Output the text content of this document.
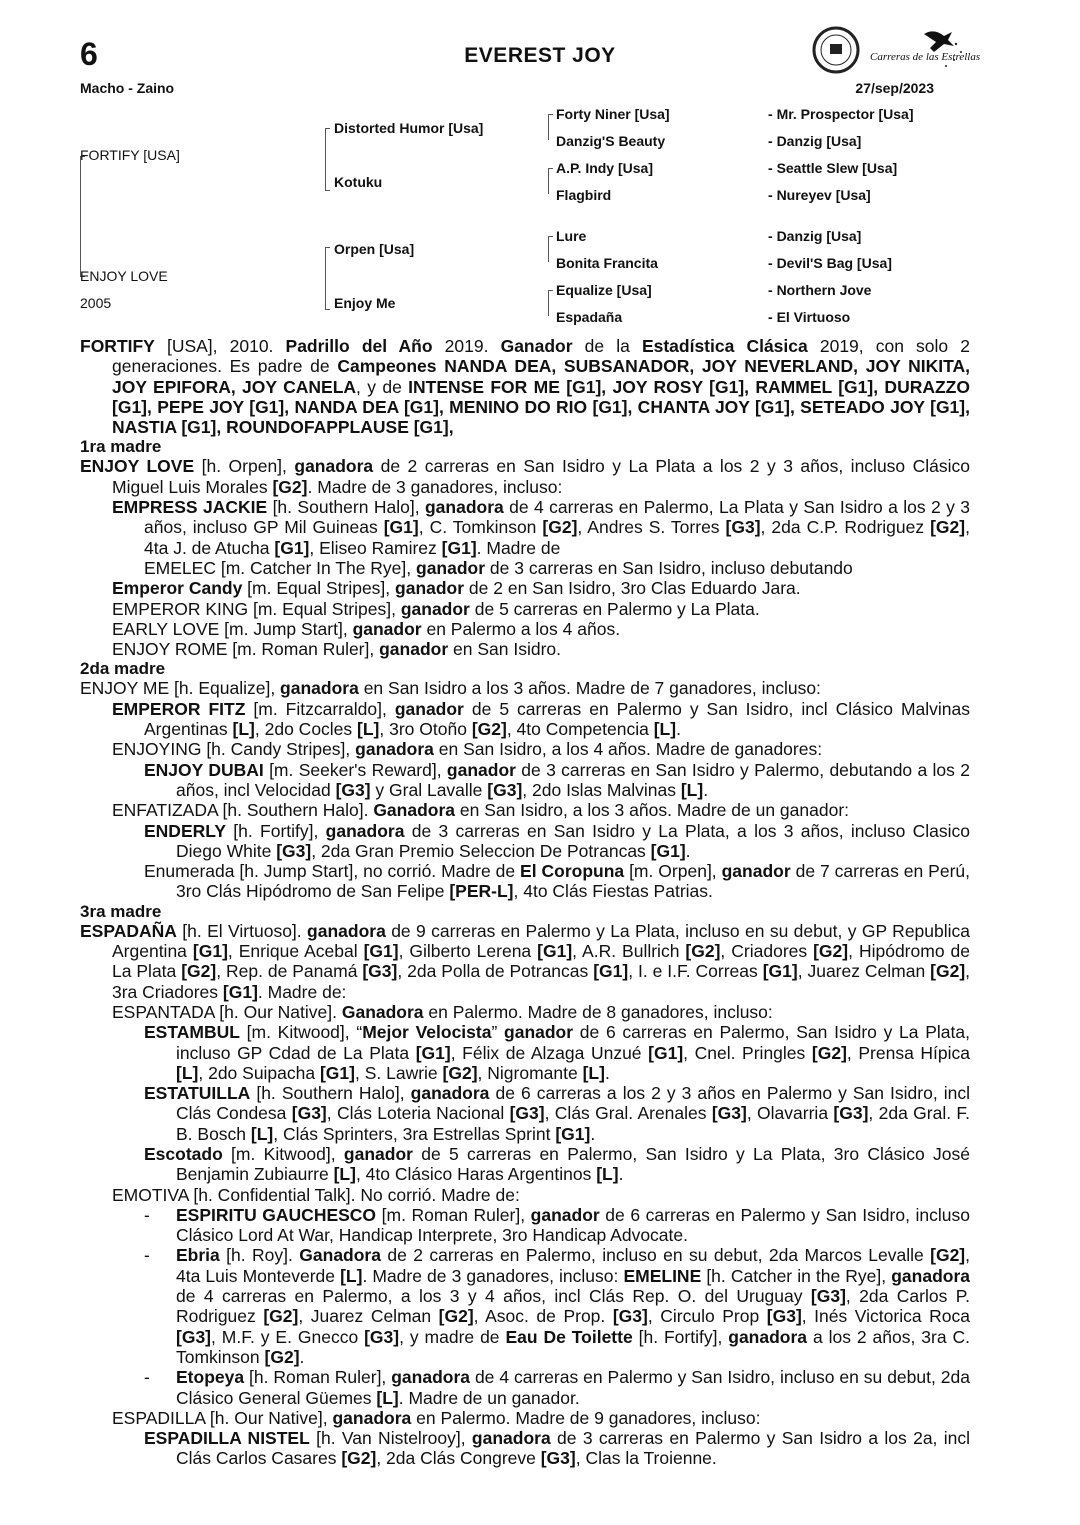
6	EVEREST JOY
Macho - Zaino	27/sep/2023
Carreras de las Estrellas
FORTIFY [USA]
ENJOY LOVE
2005
Distorted Humor [Usa]
Kotuku
Orpen [Usa]
Enjoy Me
Forty Niner [Usa]
Danzig'S Beauty
A.P. Indy [Usa]
Flagbird
Lure
Bonita Francita
Equalize [Usa]
Espadaña
- Mr. Prospector [Usa]
- Danzig [Usa]
- Seattle Slew [Usa]
- Nureyev [Usa]
- Danzig [Usa]
- Devil'S Bag [Usa]
- Northern Jove
- El Virtuoso

FORTIFY [USA], 2010. Padrillo del Año 2019. Ganador de la Estadística Clásica 2019, con solo 2 generaciones. Es padre de Campeones NANDA DEA, SUBSANADOR, JOY NEVERLAND, JOY NIKITA, JOY EPIFORA, JOY CANELA, y de INTENSE FOR ME [G1], JOY ROSY [G1], RAMMEL [G1], DURAZZO [G1], PEPE JOY [G1], NANDA DEA [G1], MENINO DO RIO [G1], CHANTA JOY [G1], SETEADO JOY [G1], NASTIA [G1], ROUNDOFAPPLAUSE [G1],

1ra madre

ENJOY LOVE [h. Orpen], ganadora de 2 carreras en San Isidro y La Plata a los 2 y 3 años, incluso Clásico Miguel Luis Morales [G2]. Madre de 3 ganadores, incluso:

EMPRESS JACKIE [h. Southern Halo], ganadora de 4 carreras en Palermo, La Plata y San Isidro a los 2 y 3 años, incluso GP Mil Guineas [G1], C. Tomkinson [G2], Andres S. Torres [G3], 2da C.P. Rodriguez [G2], 4ta J. de Atucha [G1], Eliseo Ramirez [G1]. Madre de

EMELEC [m. Catcher In The Rye], ganador de 3 carreras en San Isidro, incluso debutando

Emperor Candy [m. Equal Stripes], ganador de 2 en San Isidro, 3ro Clas Eduardo Jara.

EMPEROR KING [m. Equal Stripes], ganador de 5 carreras en Palermo y La Plata.

EARLY LOVE [m. Jump Start], ganador en Palermo a los 4 años.

ENJOY ROME [m. Roman Ruler], ganador en San Isidro.

2da madre

ENJOY ME [h. Equalize], ganadora en San Isidro a los 3 años. Madre de 7 ganadores, incluso:

EMPEROR FITZ [m. Fitzcarraldo], ganador de 5 carreras en Palermo y San Isidro, incl Clásico Malvinas Argentinas [L], 2do Cocles [L], 3ro Otoño [G2], 4to Competencia [L].

ENJOYING [h. Candy Stripes], ganadora en San Isidro, a los 4 años. Madre de ganadores:

ENJOY DUBAI [m. Seeker's Reward], ganador de 3 carreras en San Isidro y Palermo, debutando a los 2 años, incl Velocidad [G3] y Gral Lavalle [G3], 2do Islas Malvinas [L].

ENFATIZADA [h. Southern Halo]. Ganadora en San Isidro, a los 3 años. Madre de un ganador:

ENDERLY [h. Fortify], ganadora de 3 carreras en San Isidro y La Plata, a los 3 años, incluso Clasico Diego White [G3], 2da Gran Premio Seleccion De Potrancas [G1].

Enumerada [h. Jump Start], no corrió. Madre de El Coropuna [m. Orpen], ganador de 7 carreras en Perú, 3ro Clás Hipódromo de San Felipe [PER-L], 4to Clás Fiestas Patrias.

3ra madre

ESPADAÑA [h. El Virtuoso]. ganadora de 9 carreras en Palermo y La Plata, incluso en su debut, y GP Republica Argentina [G1], Enrique Acebal [G1], Gilberto Lerena [G1], A.R. Bullrich [G2], Criadores [G2], Hipódromo de La Plata [G2], Rep. de Panamá [G3], 2da Polla de Potrancas [G1], I. e I.F. Correas [G1], Juarez Celman [G2], 3ra Criadores [G1]. Madre de:

ESPANTADA [h. Our Native]. Ganadora en Palermo. Madre de 8 ganadores, incluso:

ESTAMBUL [m. Kitwood], “Mejor Velocista” ganador de 6 carreras en Palermo, San Isidro y La Plata, incluso GP Cdad de La Plata [G1], Félix de Alzaga Unzué [G1], Cnel. Pringles [G2], Prensa Hípica [L], 2do Suipacha [G1], S. Lawrie [G2], Nigromante [L].

ESTATUILLA [h. Southern Halo], ganadora de 6 carreras a los 2 y 3 años en Palermo y San Isidro, incl Clás Condesa [G3], Clás Loteria Nacional [G3], Clás Gral. Arenales [G3], Olavarria [G3], 2da Gral. F. B. Bosch [L], Clás Sprinters, 3ra Estrellas Sprint [G1].

Escotado [m. Kitwood], ganador de 5 carreras en Palermo, San Isidro y La Plata, 3ro Clásico José Benjamin Zubiaurre [L], 4to Clásico Haras Argentinos [L].

EMOTIVA [h. Confidential Talk]. No corrió. Madre de:

- ESPIRITU GAUCHESCO [m. Roman Ruler], ganador de 6 carreras en Palermo y San Isidro, incluso Clásico Lord At War, Handicap Interprete, 3ro Handicap Advocate.

- Ebria [h. Roy]. Ganadora de 2 carreras en Palermo, incluso en su debut, 2da Marcos Levalle [G2], 4ta Luis Monteverde [L]. Madre de 3 ganadores, incluso: EMELINE [h. Catcher in the Rye], ganadora de 4 carreras en Palermo, a los 3 y 4 años, incl Clás Rep. O. del Uruguay [G3], 2da Carlos P. Rodriguez [G2], Juarez Celman [G2], Asoc. de Prop. [G3], Circulo Prop [G3], Inés Victorica Roca [G3], M.F. y E. Gnecco [G3], y madre de Eau De Toilette [h. Fortify], ganadora a los 2 años, 3ra C. Tomkinson [G2].

- Etopeya [h. Roman Ruler], ganadora de 4 carreras en Palermo y San Isidro, incluso en su debut, 2da Clásico General Güemes [L]. Madre de un ganador.

ESPADILLA [h. Our Native], ganadora en Palermo. Madre de 9 ganadores, incluso:

ESPADILLA NISTEL [h. Van Nistelrooy], ganadora de 3 carreras en Palermo y San Isidro a los 2a, incl Clás Carlos Casares [G2], 2da Clás Congreve [G3], Clas la Troienne.
